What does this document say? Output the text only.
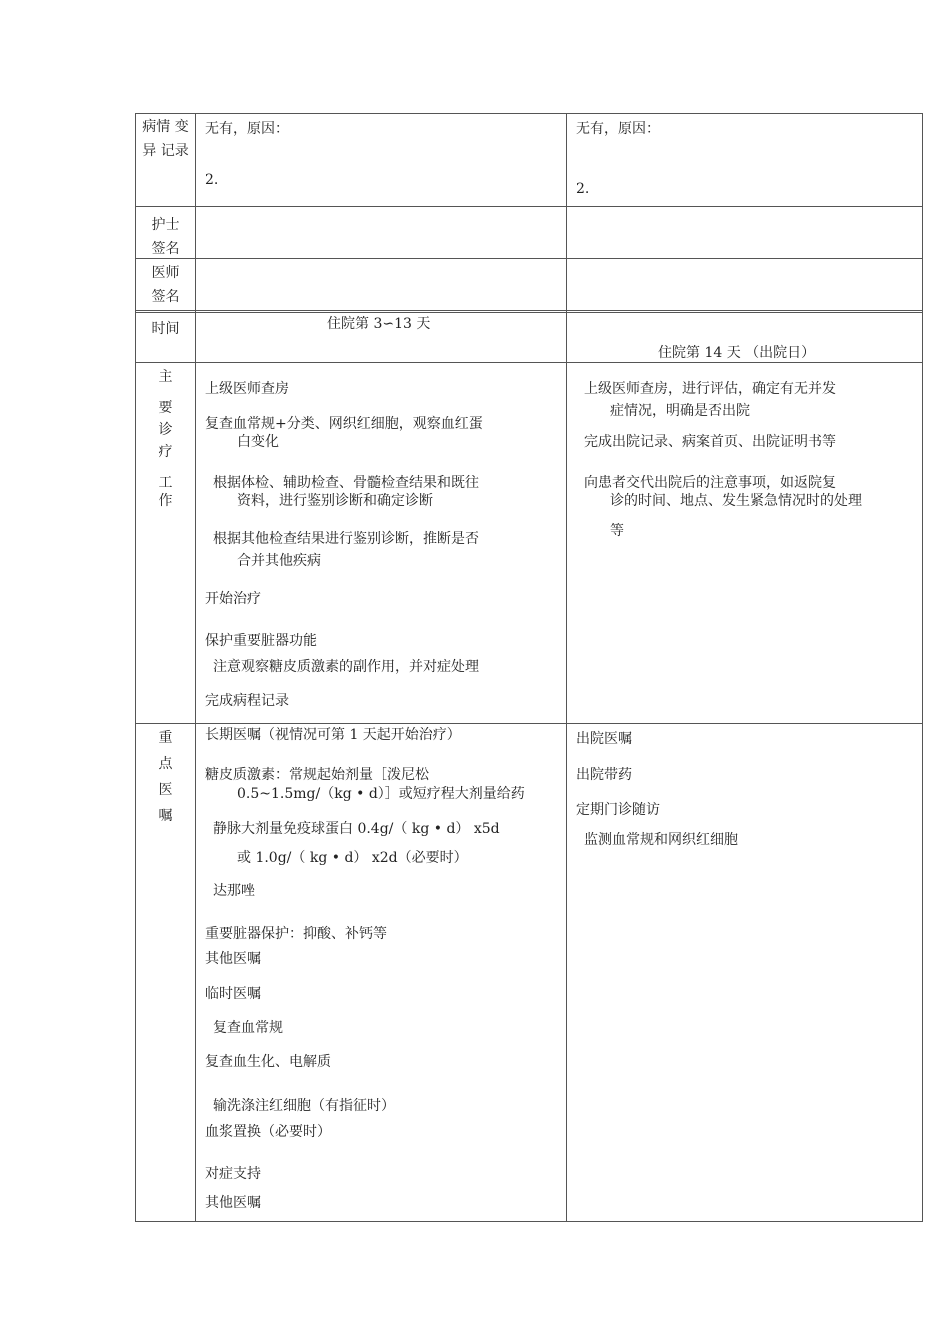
病情 变
异 记录
无有，原因：
2.
无有，原因：
2.
护士
签名
医师
签名
时间	住院第 3∽13 天
住院第 14 天 （出院日）
主
要
诊
疗
工
作
上级医师查房
复查血常规+分类、网织红细胞，观察血红蛋
白变化
根据体检、辅助检查、骨髓检查结果和既往
资料，进行鉴别诊断和确定诊断
根据其他检查结果进行鉴别诊断，推断是否
合并其他疾病
开始治疗
保护重要脏器功能
注意观察糖皮质激素的副作用，并对症处理
完成病程记录
上级医师查房，进行评估，确定有无并发
症情况，明确是否出院
完成出院记录、病案首页、出院证明书等
向患者交代出院后的注意事项，如返院复
诊的时间、地点、发生紧急情况时的处理
等
重
点
医
嘱
长期医嘱（视情况可第 1 天起开始治疗）
糖皮质激素：常规起始剂量［泼尼松
0.5~1.5mg/（kg • d）］或短疗程大剂量给药
静脉大剂量免疫球蛋白 0.4g/（ kg • d） x5d
或 1.0g/（ kg • d） x2d（必要时）
达那唑
重要脏器保护：抑酸、补钙等
其他医嘱
临时医嘱
复查血常规
复查血生化、电解质
输洗涤注红细胞（有指征时）
血浆置换（必要时）
对症支持
其他医嘱
出院医嘱
出院带药
定期门诊随访
监测血常规和网织红细胞
